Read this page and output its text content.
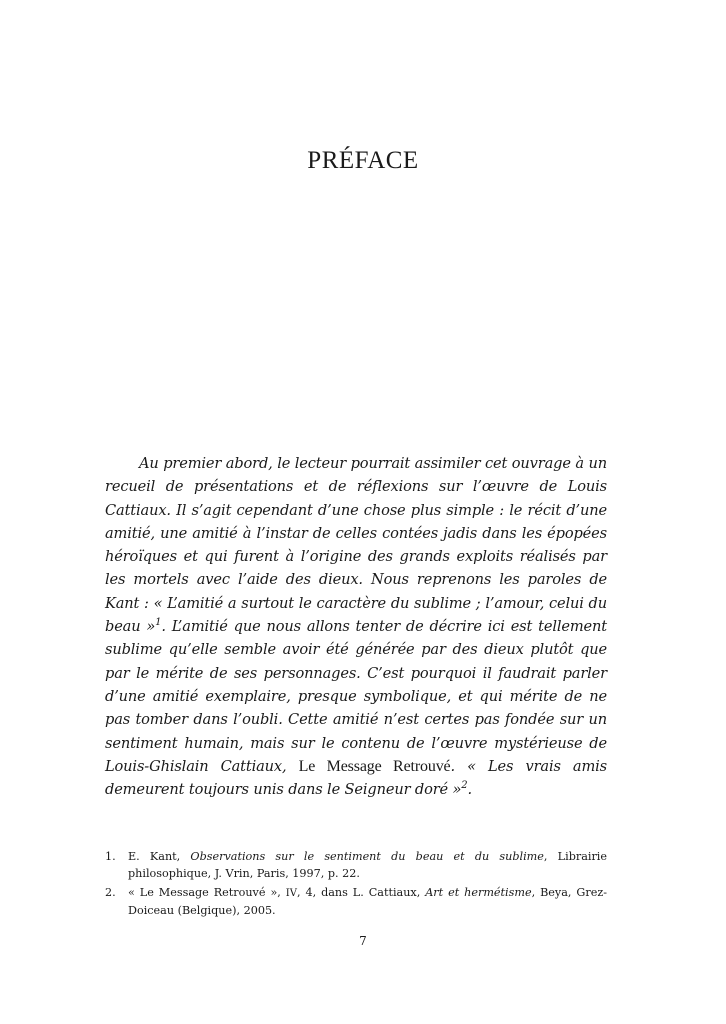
PRÉFACE

Au premier abord, le lecteur pourrait assimiler cet ouvrage à un recueil de présentations et de réflexions sur l’œuvre de Louis Cattiaux. Il s’agit cependant d’une chose plus simple : le récit d’une amitié, une amitié à l’instar de celles contées jadis dans les épopées héroïques et qui furent à l’origine des grands exploits réalisés par les mortels avec l’aide des dieux. Nous reprenons les paroles de Kant : « L’amitié a surtout le caractère du sublime ; l’amour, celui du beau »$^1$. L’amitié que nous allons tenter de décrire ici est tellement sublime qu’elle semble avoir été générée par des dieux plutôt que par le mérite de ses personnages. C’est pourquoi il faudrait parler d’une amitié exemplaire, presque symbolique, et qui mérite de ne pas tomber dans l’oubli. Cette amitié n’est certes pas fondée sur un sentiment humain, mais sur le contenu de l’œuvre mystérieuse de Louis-Ghislain Cattiaux, Le Message Retrouvé. « Les vrais amis demeurent toujours unis dans le Seigneur doré »$^2$.

1. E. Kant, Observations sur le sentiment du beau et du sublime, Librairie philosophique, J. Vrin, Paris, 1997, p. 22.
2. « Le Message Retrouvé », IV, 4, dans L. Cattiaux, Art et hermétisme, Beya, Grez-Doiceau (Belgique), 2005.
7
